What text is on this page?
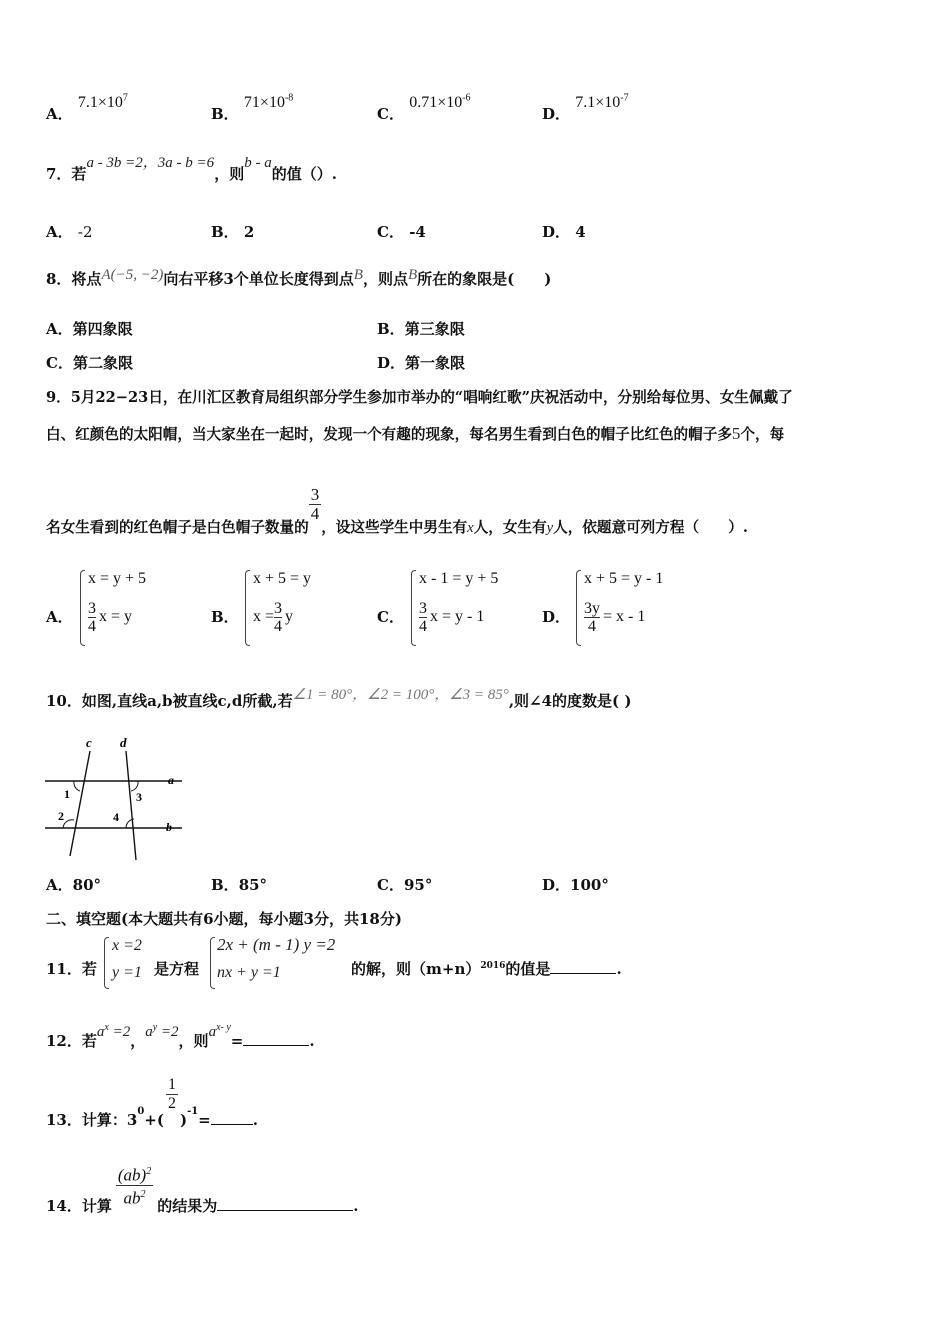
A． $7.1\times 10^7$
B． $71\times 10^{-8}$
C． $0.71\times 10^{-6}$
D． $7.1\times 10^{-7}$
7．若a - 3b =2，3a - b =6，则b - a的值（）.
A． -2	B． 2	C． -4	D． 4
8．将点A(−5, −2)向右平移3个单位长度得到点B，则点B所在的象限是(　　)
A．第四象限	B．第三象限
C．第二象限	D．第一象限
9．5月22−23日，在川汇区教育局组织部分学生参加市举办的“唱响红歌”庆祝活动中，分别给每位男、女生佩戴了
白、红颜色的太阳帽，当大家坐在一起时，发现一个有趣的现象，每名男生看到白色的帽子比红色的帽子多5个，每
名女生看到的红色帽子是白色帽子数量的
$\frac{3}{4}$
，设这些学生中男生有x人，女生有y人，依题意可列方程（　　）.
A．
x = y + 5
$\frac{3}{4}$ x = y	B．
x + 5 = y
$x = \frac{3}{4}$ y	C．
x - 1 = y + 5
$\frac{3}{4}$ x = y - 1	D．
x + 5 = y - 1
$\frac{3y}{4} = x - 1$
10．如图,直线a,b被直线c,d所截,若∠1 = 80°，∠2 = 100°，∠3 = 85°,则∠4的度数是( )
c d
a
b
1	3
2	4
A．80°	B．85°	C．95°	D．100°
二、填空题(本大题共有6小题，每小题3分，共18分)
11．若
x =2
y =1 是方程
2x + (m - 1) y =2
nx + y =1	的解，则$(m+n)^{2016}$的值是	.
12．若$a^x =2$，$a^y =2$，则$a^{x- y}=$	.
13．计算：$3_0+$(
$\frac{1}{2}$
)$_{-1}=$	.
14．计算 $\frac{(ab)^2}{ab^2}$ 的结果为	.
